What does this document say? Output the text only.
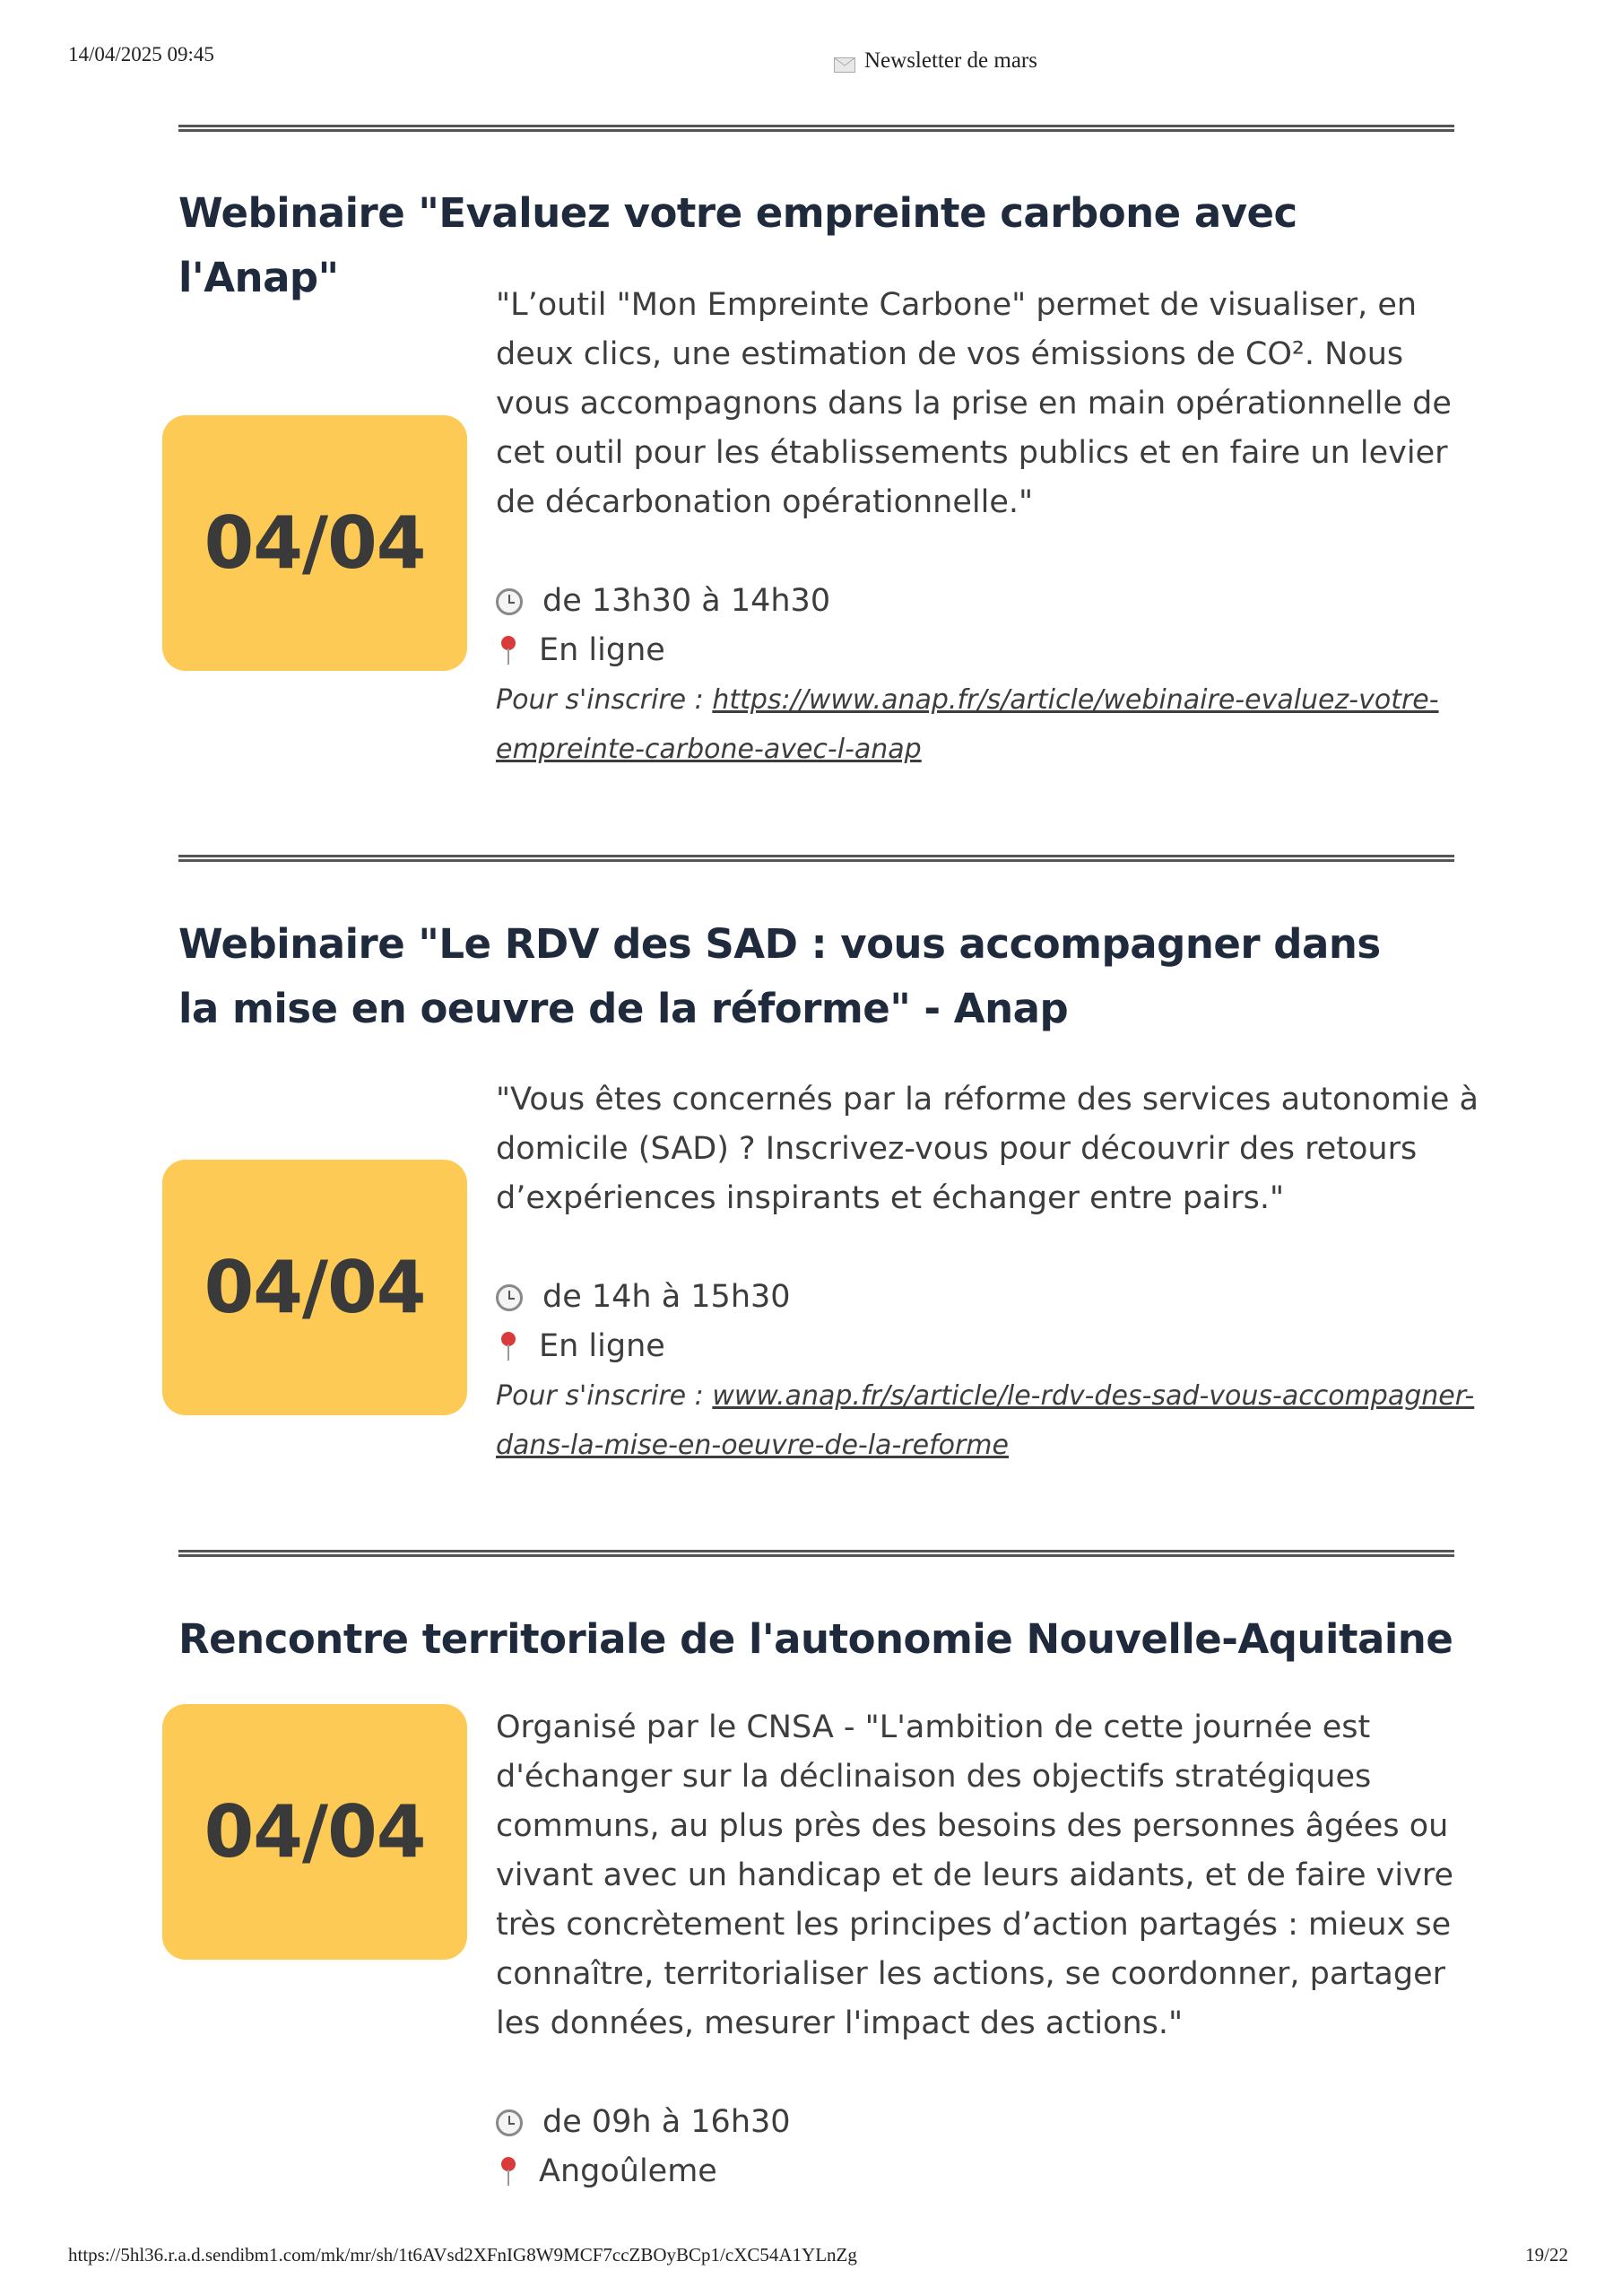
14/04/2025 09:45	Newsletter de mars
Webinaire "Evaluez votre empreinte carbone avec l'Anap"
04/04

"L’outil "Mon Empreinte Carbone" permet de visualiser, en deux clics, une estimation de vos émissions de CO². Nous vous accompagnons dans la prise en main opérationnelle de cet outil pour les établissements publics et en faire un levier de décarbonation opérationnelle."

de 13h30 à 14h30

En ligne

Pour s'inscrire : https://www.anap.fr/s/article/webinaire-evaluez-votre-empreinte-carbone-avec-l-anap

Webinaire "Le RDV des SAD : vous accompagner dans la mise en oeuvre de la réforme" - Anap
04/04

"Vous êtes concernés par la réforme des services autonomie à domicile (SAD) ? Inscrivez-vous pour découvrir des retours d’expériences inspirants et échanger entre pairs."

de 14h à 15h30

En ligne

Pour s'inscrire : www.anap.fr/s/article/le-rdv-des-sad-vous-accompagner-dans-la-mise-en-oeuvre-de-la-reforme

Rencontre territoriale de l'autonomie Nouvelle-Aquitaine
04/04

Organisé par le CNSA - "L'ambition de cette journée est d'échanger sur la déclinaison des objectifs stratégiques communs, au plus près des besoins des personnes âgées ou vivant avec un handicap et de leurs aidants, et de faire vivre très concrètement les principes d’action partagés : mieux se connaître, territorialiser les actions, se coordonner, partager les données, mesurer l'impact des actions."

de 09h à 16h30

Angoûleme

https://5hl36.r.a.d.sendibm1.com/mk/mr/sh/1t6AVsd2XFnIG8W9MCF7ccZBOyBCp1/cXC54A1YLnZg	19/22
